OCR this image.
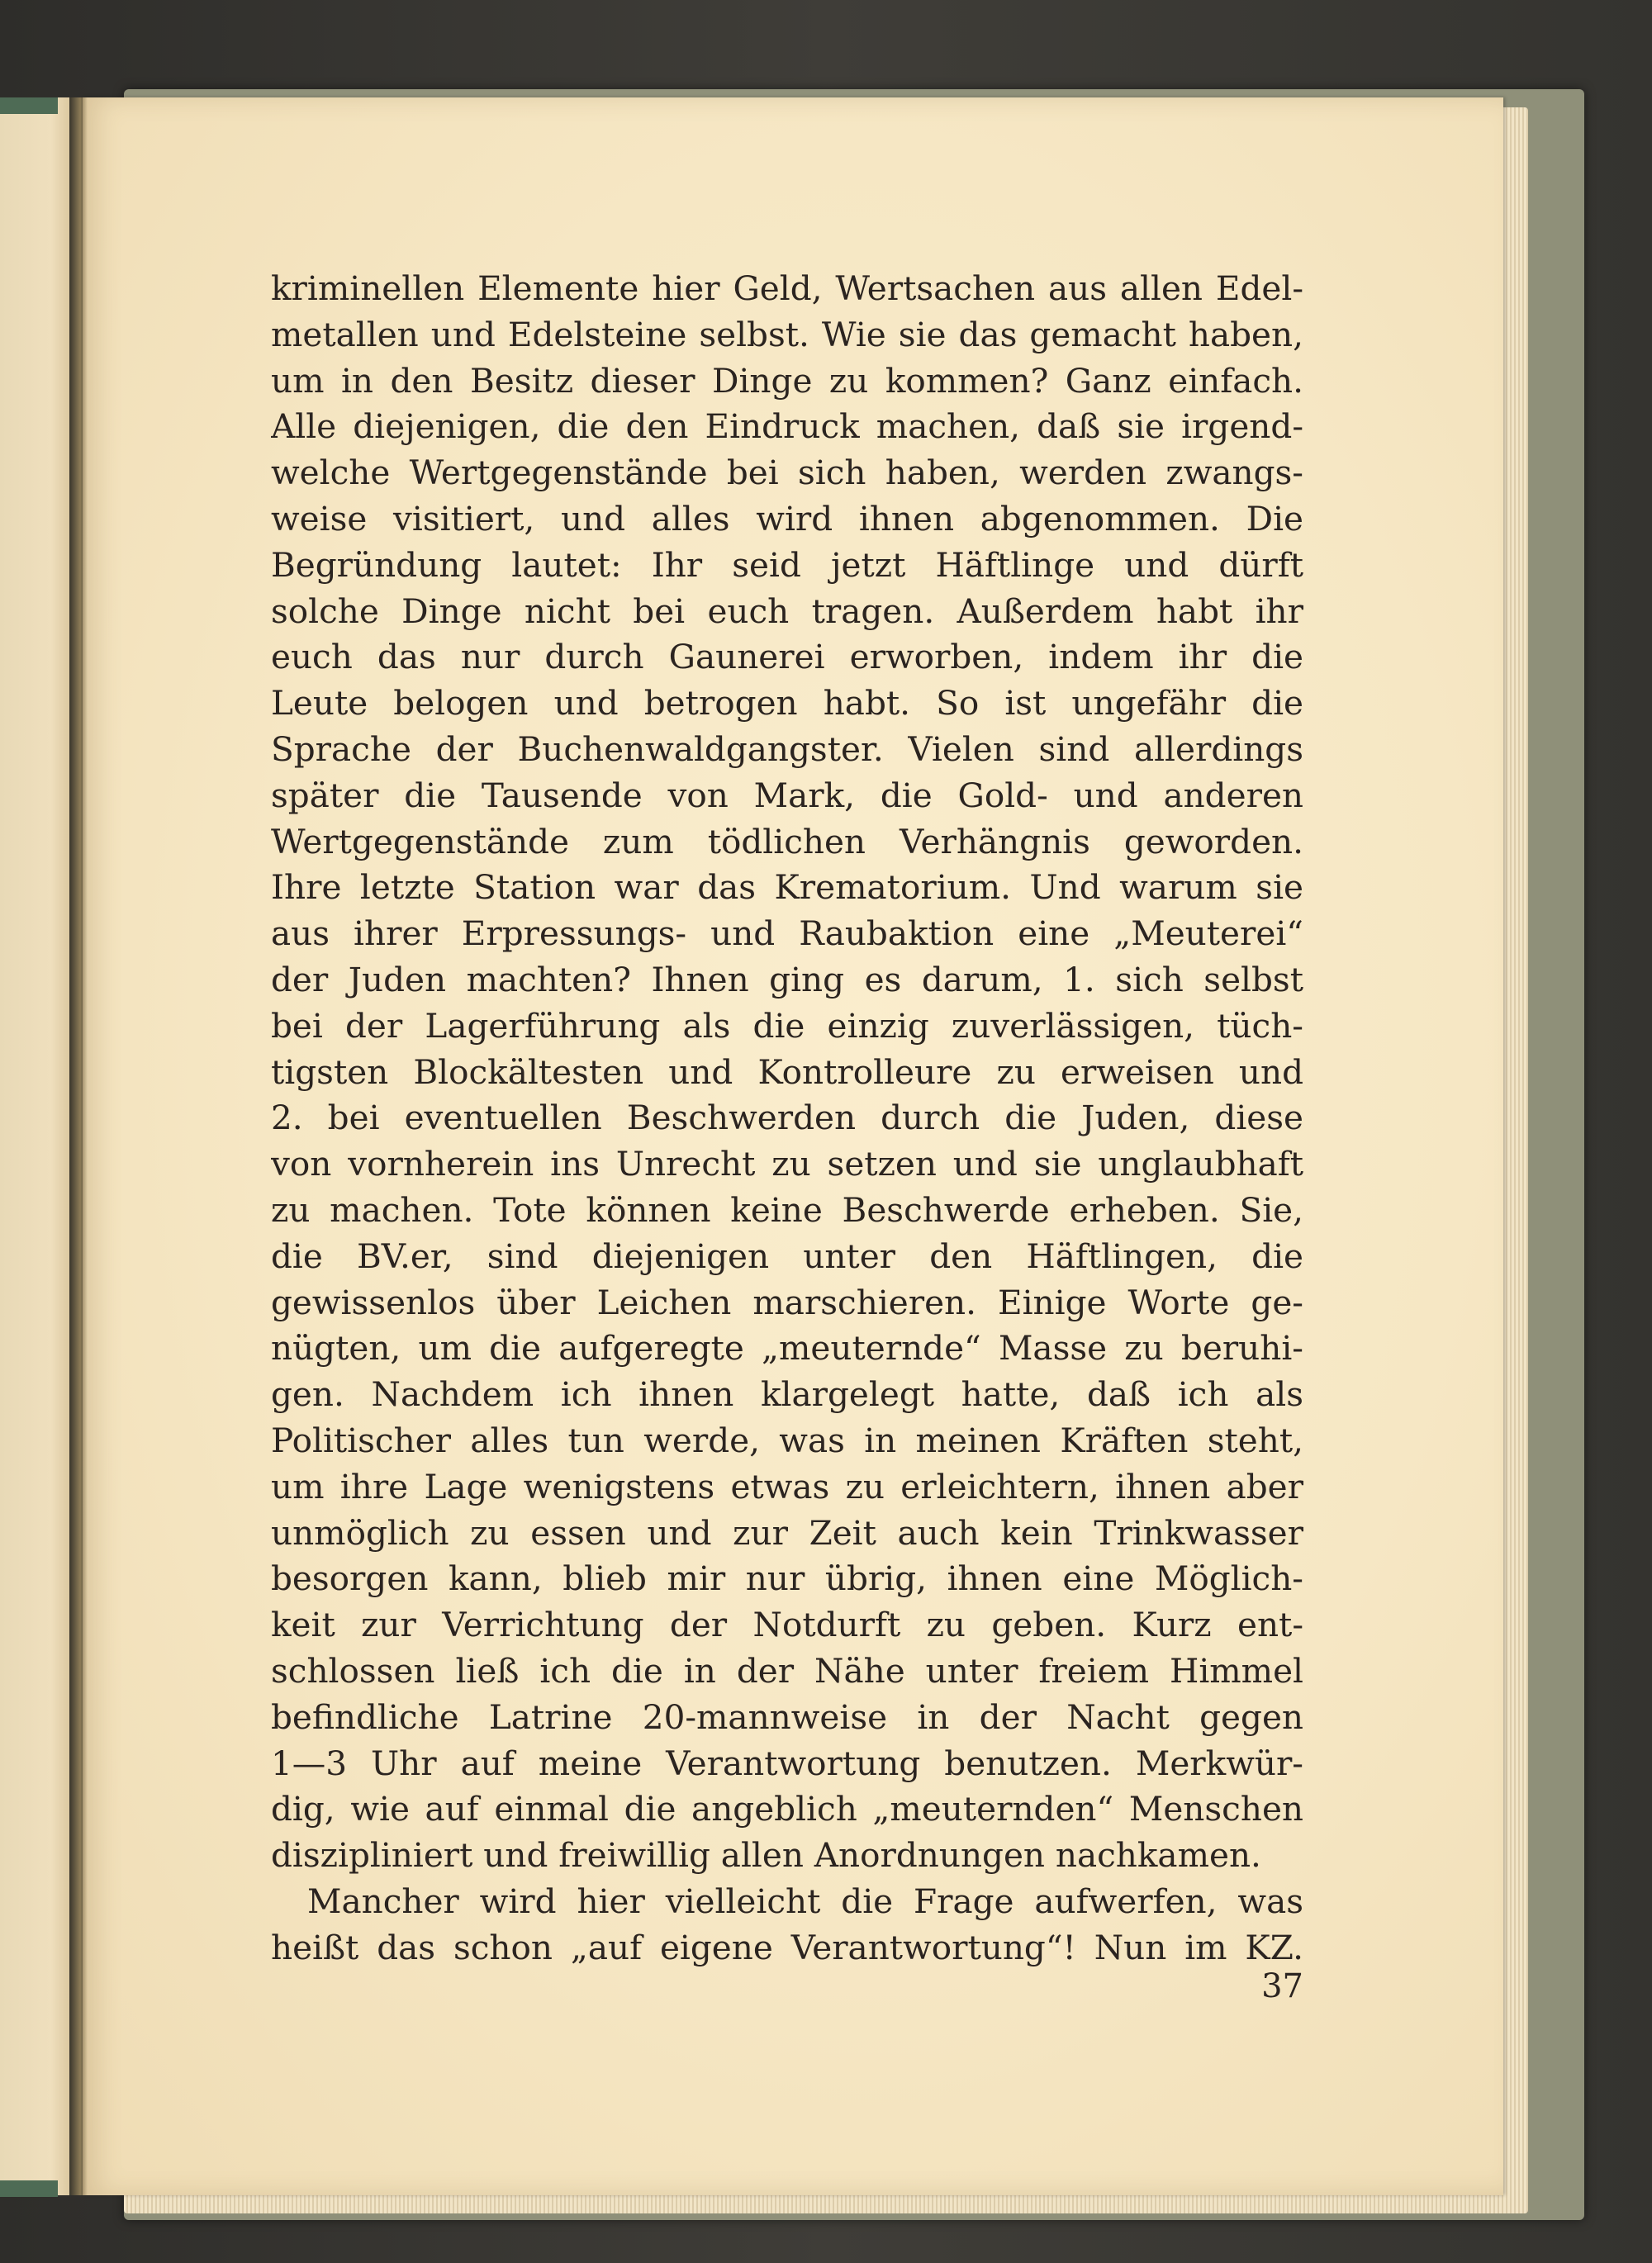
kriminellen Elemente hier Geld, Wertsachen aus allen Edel-
metallen und Edelsteine selbst. Wie sie das gemacht haben,
um in den Besitz dieser Dinge zu kommen? Ganz einfach.
Alle diejenigen, die den Eindruck machen, daß sie irgend-
welche Wertgegenstände bei sich haben, werden zwangs-
weise visitiert, und alles wird ihnen abgenommen. Die
Begründung lautet: Ihr seid jetzt Häftlinge und dürft
solche Dinge nicht bei euch tragen. Außerdem habt ihr
euch das nur durch Gaunerei erworben, indem ihr die
Leute belogen und betrogen habt. So ist ungefähr die
Sprache der Buchenwaldgangster. Vielen sind allerdings
später die Tausende von Mark, die Gold- und anderen
Wertgegenstände zum tödlichen Verhängnis geworden.
Ihre letzte Station war das Krematorium. Und warum sie
aus ihrer Erpressungs- und Raubaktion eine „Meuterei“
der Juden machten? Ihnen ging es darum, 1. sich selbst
bei der Lagerführung als die einzig zuverlässigen, tüch-
tigsten Blockältesten und Kontrolleure zu erweisen und
2. bei eventuellen Beschwerden durch die Juden, diese
von vornherein ins Unrecht zu setzen und sie unglaubhaft
zu machen. Tote können keine Beschwerde erheben. Sie,
die BV.er, sind diejenigen unter den Häftlingen, die
gewissenlos über Leichen marschieren. Einige Worte ge-
nügten, um die aufgeregte „meuternde“ Masse zu beruhi-
gen. Nachdem ich ihnen klargelegt hatte, daß ich als
Politischer alles tun werde, was in meinen Kräften steht,
um ihre Lage wenigstens etwas zu erleichtern, ihnen aber
unmöglich zu essen und zur Zeit auch kein Trinkwasser
besorgen kann, blieb mir nur übrig, ihnen eine Möglich-
keit zur Verrichtung der Notdurft zu geben. Kurz ent-
schlossen ließ ich die in der Nähe unter freiem Himmel
befindliche Latrine 20-mannweise in der Nacht gegen
1—3 Uhr auf meine Verantwortung benutzen. Merkwür-
dig, wie auf einmal die angeblich „meuternden“ Menschen
diszipliniert und freiwillig allen Anordnungen nachkamen.
Mancher wird hier vielleicht die Frage aufwerfen, was
heißt das schon „auf eigene Verantwortung“! Nun im KZ.
37
